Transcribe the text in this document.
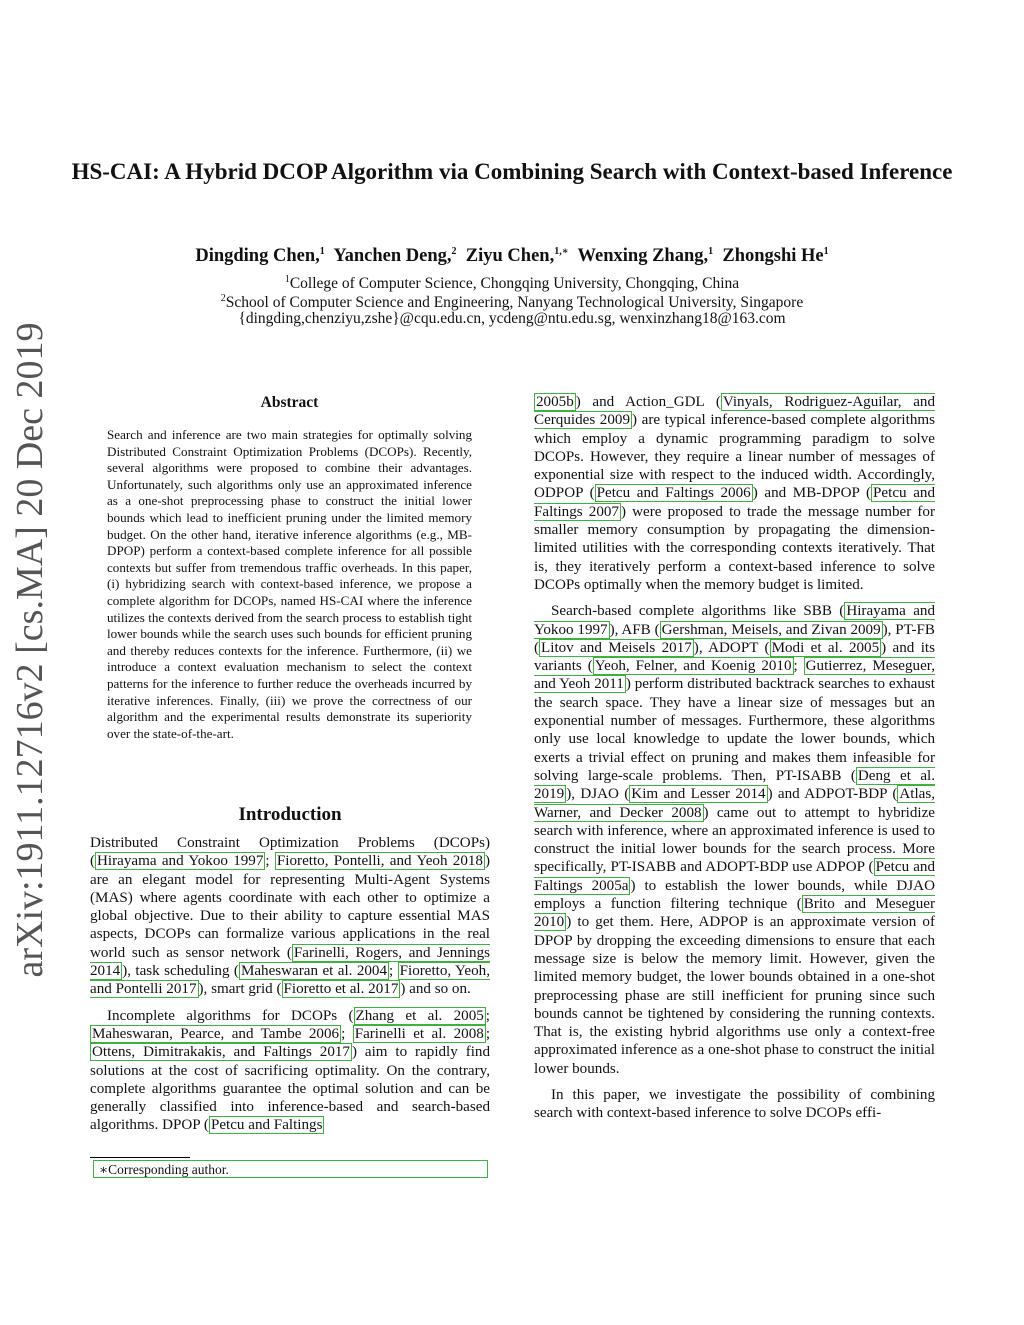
HS-CAI: A Hybrid DCOP Algorithm via Combining Search with Context-based Inference
Dingding Chen,$^1$ Yanchen Deng,$^2$ Ziyu Chen,$^{1,∗}$ Wenxing Zhang,$^1$ Zhongshi He$^1$
$^1$College of Computer Science, Chongqing University, Chongqing, China
$^2$School of Computer Science and Engineering, Nanyang Technological University, Singapore
{dingding,chenziyu,zshe}@cqu.edu.cn, ycdeng@ntu.edu.sg, wenxinzhang18@163.com
arXiv:1911.12716v2 [cs.MA] 20 Dec 2019	Abstract
Search and inference are two main strategies for optimally solving Distributed Constraint Optimization Problems (DCOPs). Recently, several algorithms were proposed to combine their advantages. Unfortunately, such algorithms only use an approximated inference as a one-shot preprocessing phase to construct the initial lower bounds which lead to inefficient pruning under the limited memory budget. On the other hand, iterative inference algorithms (e.g., MB-DPOP) perform a context-based complete inference for all possible contexts but suffer from tremendous traffic overheads. In this paper, (i) hybridizing search with context-based inference, we propose a complete algorithm for DCOPs, named HS-CAI where the inference utilizes the contexts derived from the search process to establish tight lower bounds while the search uses such bounds for efficient pruning and thereby reduces contexts for the inference. Furthermore, (ii) we introduce a context evaluation mechanism to select the context patterns for the inference to further reduce the overheads incurred by iterative inferences. Finally, (iii) we prove the correctness of our algorithm and the experimental results demonstrate its superiority over the state-of-the-art.
Introduction

Distributed Constraint Optimization Problems (DCOPs) ( Hirayama and Yokoo 1997 ; Fioretto, Pontelli, and Yeoh 2018 ) are an elegant model for representing Multi-Agent Systems (MAS) where agents coordinate with each other to optimize a global objective. Due to their ability to capture essential MAS aspects, DCOPs can formalize various applications in the real world such as sensor network ( Farinelli, Rogers, and Jennings 2014 ), task scheduling ( Maheswaran et al. 2004 ; Fioretto, Yeoh, and Pontelli 2017 ), smart grid ( Fioretto et al. 2017 ) and so on.

Incomplete algorithms for DCOPs ( Zhang et al. 2005 ; Maheswaran, Pearce, and Tambe 2006 ; Farinelli et al. 2008 ; Ottens, Dimitrakakis, and Faltings 2017 ) aim to rapidly find solutions at the cost of sacrificing optimality. On the contrary, complete algorithms guarantee the optimal solution and can be generally classified into inference-based and search-based algorithms. DPOP ( Petcu and Faltings

∗Corresponding author.

2005b ) and Action_GDL ( Vinyals, Rodriguez-Aguilar, and Cerquides 2009 ) are typical inference-based complete algorithms which employ a dynamic programming paradigm to solve DCOPs. However, they require a linear number of messages of exponential size with respect to the induced width. Accordingly, ODPOP ( Petcu and Faltings 2006 ) and MB-DPOP ( Petcu and Faltings 2007 ) were proposed to trade the message number for smaller memory consumption by propagating the dimension-limited utilities with the corresponding contexts iteratively. That is, they iteratively perform a context-based inference to solve DCOPs optimally when the memory budget is limited.

Search-based complete algorithms like SBB ( Hirayama and Yokoo 1997 ), AFB ( Gershman, Meisels, and Zivan 2009 ), PT-FB ( Litov and Meisels 2017 ), ADOPT ( Modi et al. 2005 ) and its variants ( Yeoh, Felner, and Koenig 2010 ; Gutierrez, Meseguer, and Yeoh 2011 ) perform distributed backtrack searches to exhaust the search space. They have a linear size of messages but an exponential number of messages. Furthermore, these algorithms only use local knowledge to update the lower bounds, which exerts a trivial effect on pruning and makes them infeasible for solving large-scale problems. Then, PT-ISABB ( Deng et al. 2019 ), DJAO ( Kim and Lesser 2014 ) and ADPOT-BDP ( Atlas, Warner, and Decker 2008 ) came out to attempt to hybridize search with inference, where an approximated inference is used to construct the initial lower bounds for the search process. More specifically, PT-ISABB and ADOPT-BDP use ADPOP ( Petcu and Faltings 2005a ) to establish the lower bounds, while DJAO employs a function filtering technique ( Brito and Meseguer 2010 ) to get them. Here, ADPOP is an approximate version of DPOP by dropping the exceeding dimensions to ensure that each message size is below the memory limit. However, given the limited memory budget, the lower bounds obtained in a one-shot preprocessing phase are still inefficient for pruning since such bounds cannot be tightened by considering the running contexts. That is, the existing hybrid algorithms use only a context-free approximated inference as a one-shot phase to construct the initial lower bounds.

In this paper, we investigate the possibility of combining search with context-based inference to solve DCOPs effi-
